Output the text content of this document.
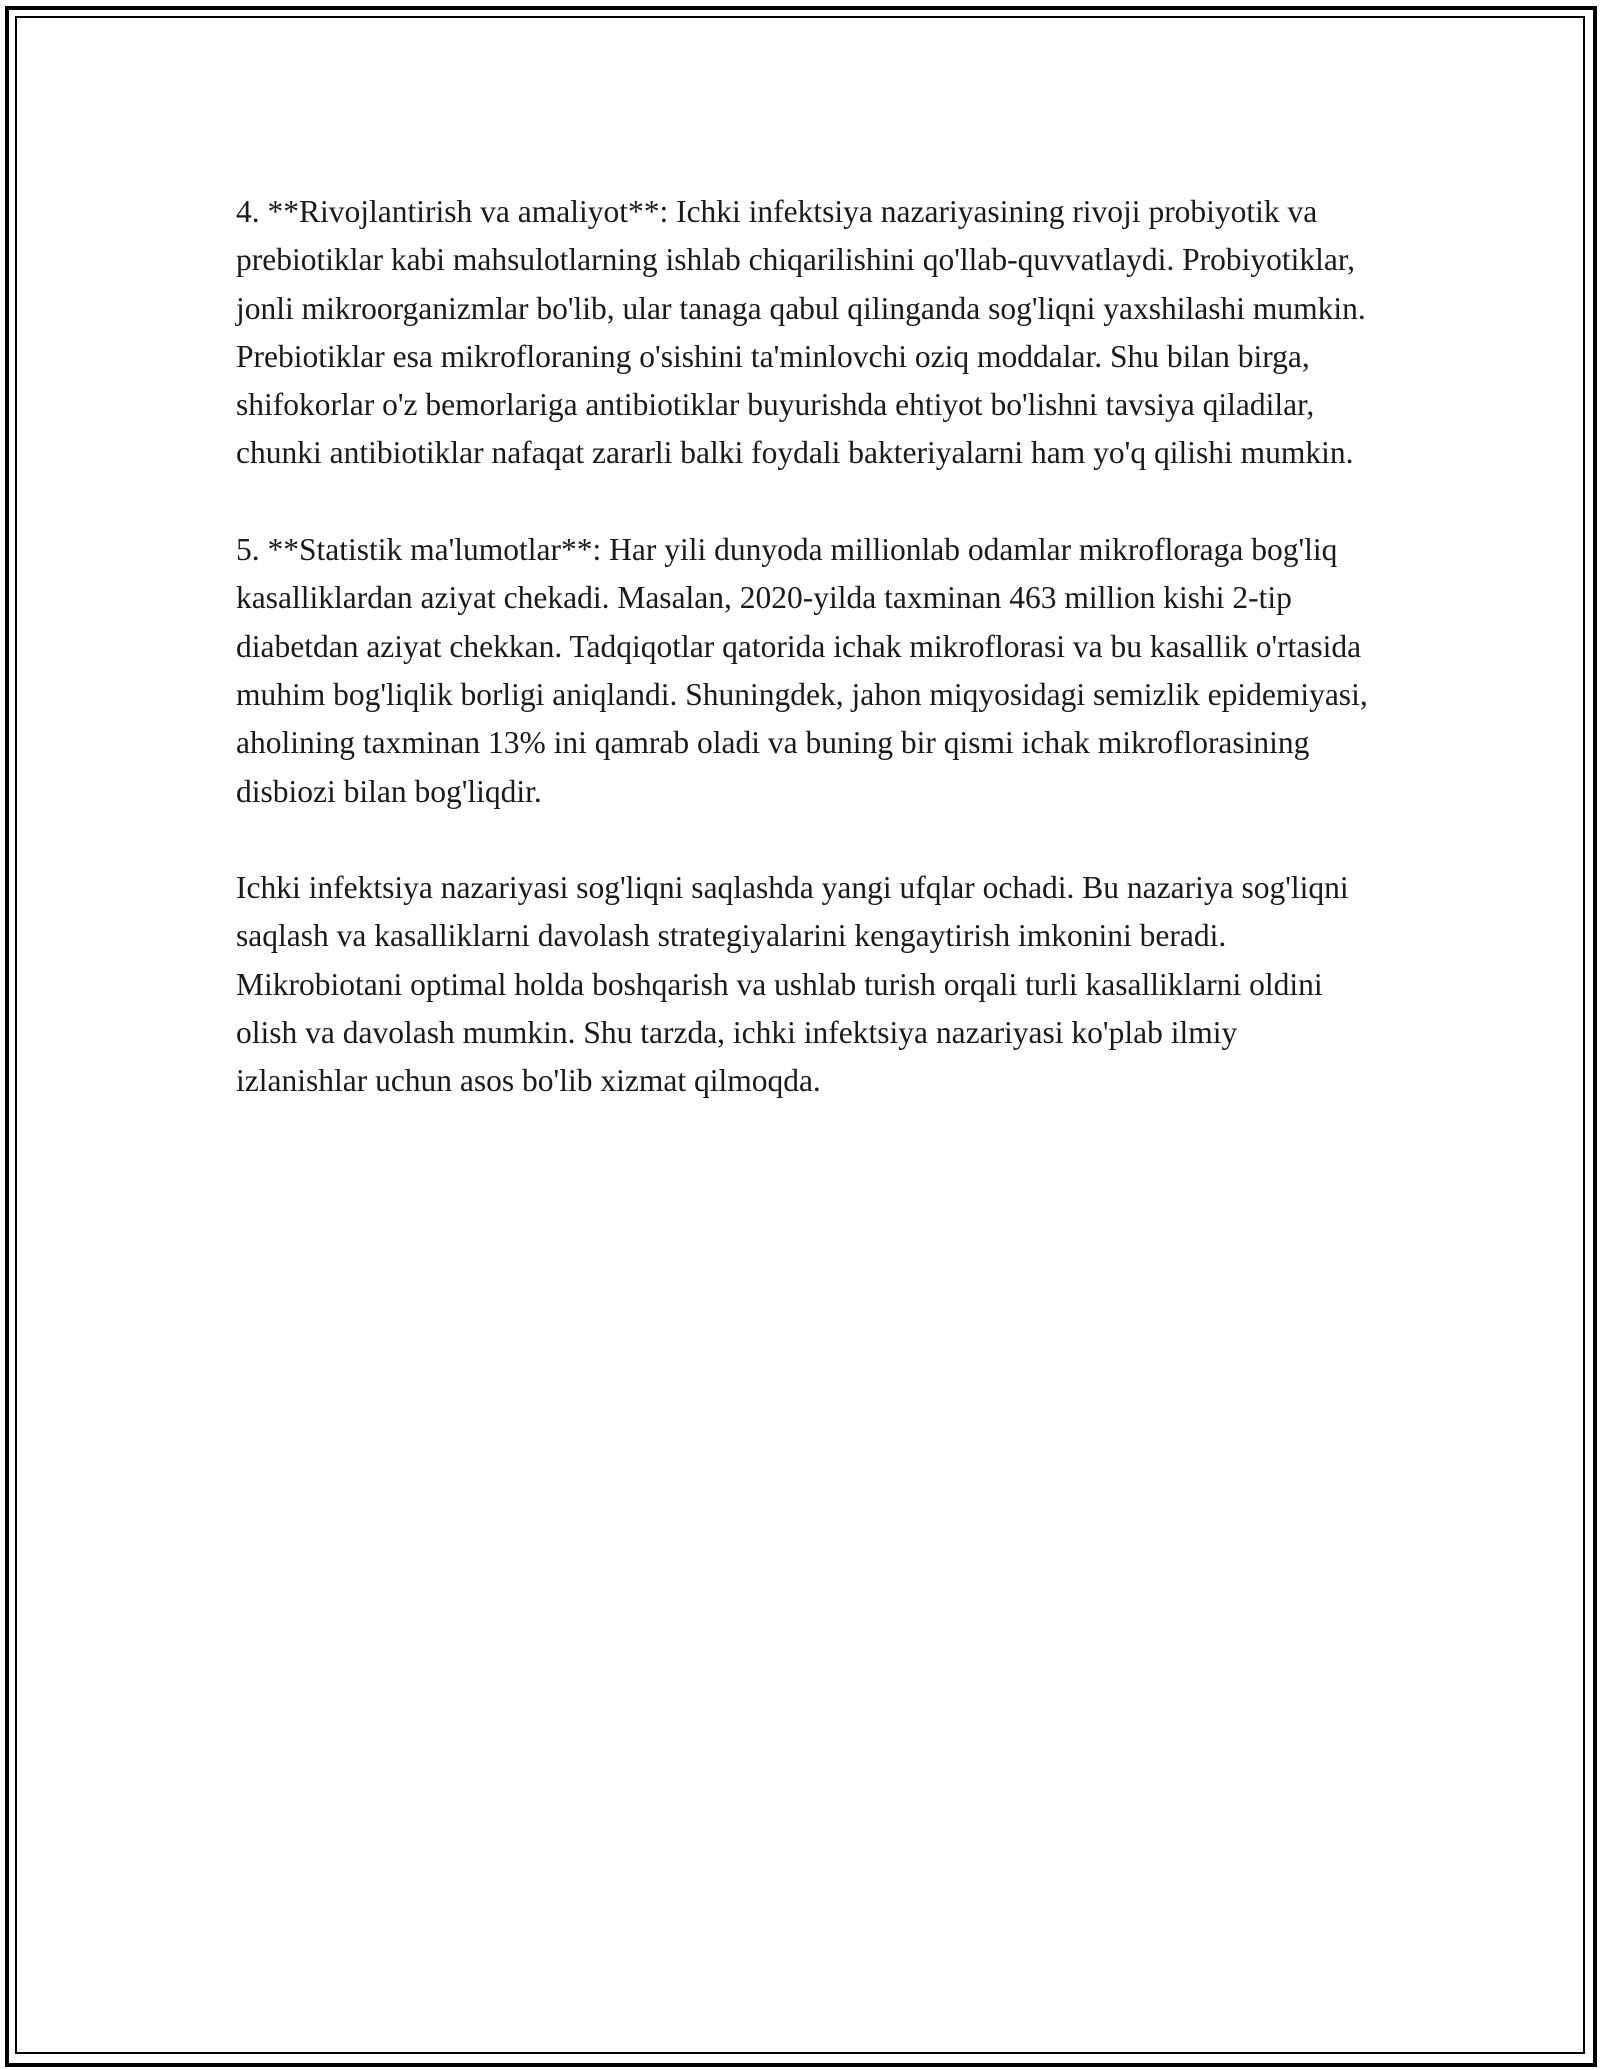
4. **Rivojlantirish va amaliyot**: Ichki infektsiya nazariyasining rivoji probiyotik va prebiotiklar kabi mahsulotlarning ishlab chiqarilishini qo'llab-quvvatlaydi. Probiyotiklar, jonli mikroorganizmlar bo'lib, ular tanaga qabul qilinganda sog'liqni yaxshilashi mumkin. Prebiotiklar esa mikrofloraning o'sishini ta'minlovchi oziq moddalar. Shu bilan birga, shifokorlar o'z bemorlariga antibiotiklar buyurishda ehtiyot bo'lishni tavsiya qiladilar, chunki antibiotiklar nafaqat zararli balki foydali bakteriyalarni ham yo'q qilishi mumkin.

5. **Statistik ma'lumotlar**: Har yili dunyoda millionlab odamlar mikrofloraga bog'liq kasalliklardan aziyat chekadi. Masalan, 2020-yilda taxminan 463 million kishi 2-tip diabetdan aziyat chekkan. Tadqiqotlar qatorida ichak mikroflorasi va bu kasallik o'rtasida muhim bog'liqlik borligi aniqlandi. Shuningdek, jahon miqyosidagi semizlik epidemiyasi, aholining taxminan 13% ini qamrab oladi va buning bir qismi ichak mikroflorasining disbiozi bilan bog'liqdir.

Ichki infektsiya nazariyasi sog'liqni saqlashda yangi ufqlar ochadi. Bu nazariya sog'liqni saqlash va kasalliklarni davolash strategiyalarini kengaytirish imkonini beradi. Mikrobiotani optimal holda boshqarish va ushlab turish orqali turli kasalliklarni oldini olish va davolash mumkin. Shu tarzda, ichki infektsiya nazariyasi ko'plab ilmiy izlanishlar uchun asos bo'lib xizmat qilmoqda.
